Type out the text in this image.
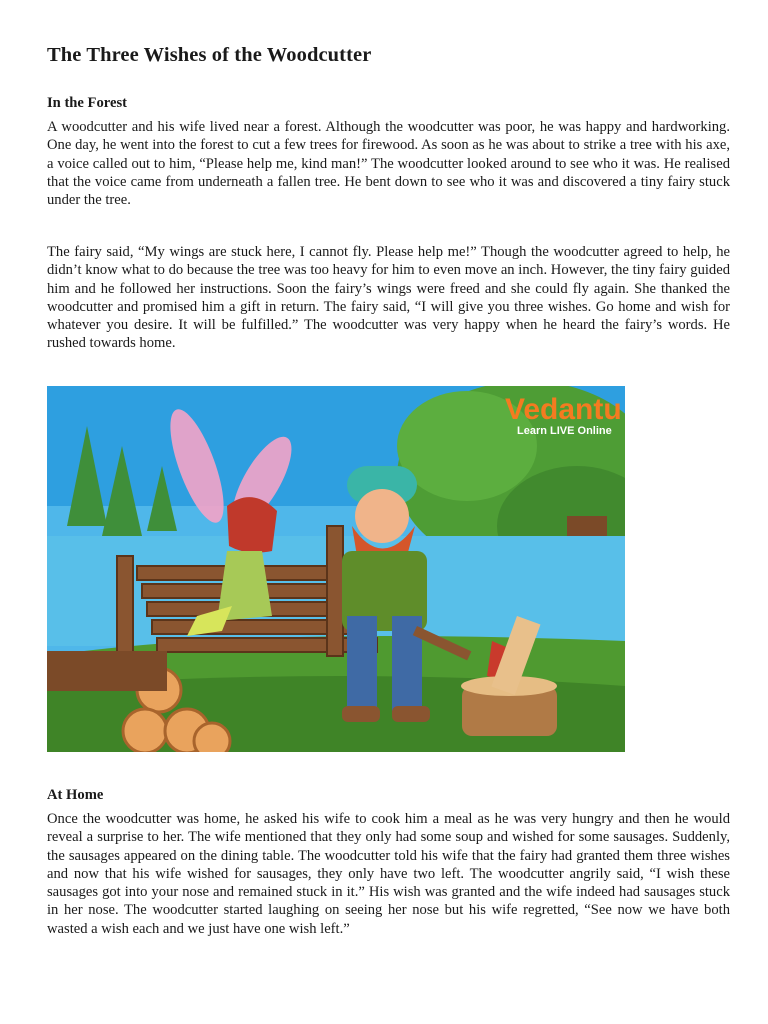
The Three Wishes of the Woodcutter
In the Forest

A woodcutter and his wife lived near a forest. Although the woodcutter was poor, he was happy and hardworking. One day, he went into the forest to cut a few trees for firewood. As soon as he was about to strike a tree with his axe, a voice called out to him, “Please help me, kind man!” The woodcutter looked around to see who it was. He realised that the voice came from underneath a fallen tree. He bent down to see who it was and discovered a tiny fairy stuck under the tree.

The fairy said, “My wings are stuck here, I cannot fly. Please help me!” Though the woodcutter agreed to help, he didn’t know what to do because the tree was too heavy for him to even move an inch. However, the tiny fairy guided him and he followed her instructions. Soon the fairy’s wings were freed and she could fly again. She thanked the woodcutter and promised him a gift in return. The fairy said, “I will give you three wishes. Go home and wish for whatever you desire. It will be fulfilled.” The woodcutter was very happy when he heard the fairy’s words. He rushed towards home.

Vedantu
Learn LIVE Online
At Home

Once the woodcutter was home, he asked his wife to cook him a meal as he was very hungry and then he would reveal a surprise to her. The wife mentioned that they only had some soup and wished for some sausages. Suddenly, the sausages appeared on the dining table. The woodcutter told his wife that the fairy had granted them three wishes and now that his wife wished for sausages, they only have two left. The woodcutter angrily said, “I wish these sausages got into your nose and remained stuck in it.” His wish was granted and the wife indeed had sausages stuck in her nose. The woodcutter started laughing on seeing her nose but his wife regretted, “See now we have both wasted a wish each and we just have one wish left.”
